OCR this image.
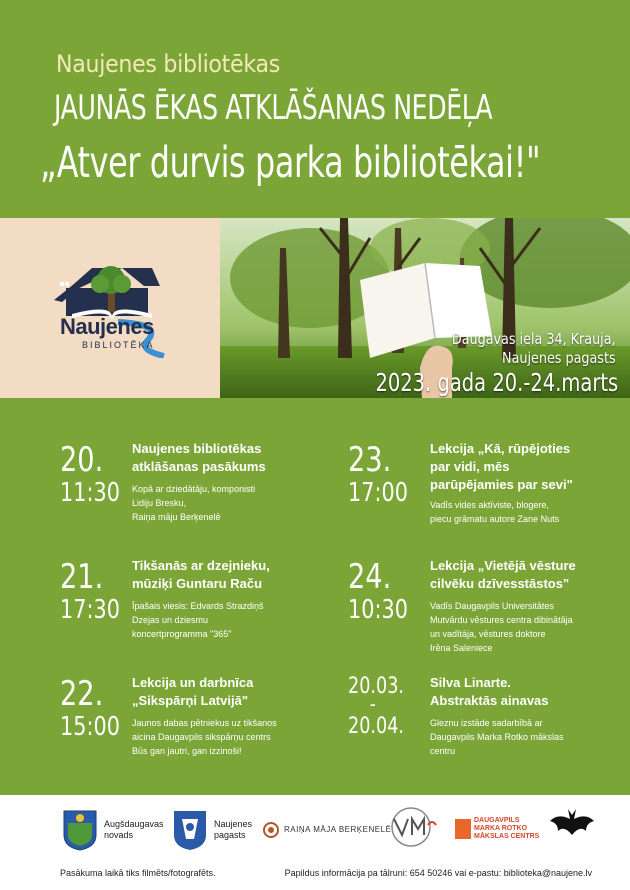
Naujenes bibliotēkas
JAUNĀS ĒKAS ATKLĀŠANAS NEDĒĻA
„Atver durvis parka bibliotēkai!"
Naujenes
BIBLIOTĒKA	Daugavas iela 34, Krauja,
Naujenes pagasts
2023. gada 20.-24.marts
20.
11:30
Naujenes bibliotēkas
atklāšanas pasākums
Kopā ar dziedātāju, komponisti
Lidiju Bresku,
Raiņa māju Berķenelē
23.
17:00
Lekcija „Kā, rūpējoties
par vidi, mēs
parūpējamies par sevi"
Vadīs vides aktīviste, blogere,
piecu grāmatu autore Zane Nuts
21.
17:30
Tikšanās ar dzejnieku,
mūziķi Guntaru Raču
Īpašais viesis: Edvards Strazdiņš
Dzejas un dziesmu
koncertprogramma "365"
24.
10:30
Lekcija „Vietējā vēsture
cilvēku dzīvesstāstos"
Vadīs Daugavpils Universitātes
Mutvārdu vēstures centra dibinātāja
un vadītāja, vēstures doktore
Irēna Saleniece
22.
15:00
Lekcija un darbnīca
„Sikspārņi Latvijā"
Jaunos dabas pētniekus uz tikšanos
aicina Daugavpils sikspārņu centrs
Būs gan jautri, gan izzinoši!
20.03.
-
20.04.
Silva Linarte.
Abstraktās ainavas
Gleznu izstāde sadarbībā ar
Daugavpils Marka Rotko mākslas
centru
Augšdaugavas
novads
Naujenes
pagasts
RAIŅA MĀJA BERĶENELĒ
DAUGAVPILS
MARKA ROTKO
MĀKSLAS CENTRS
Pasākuma laikā tiks filmēts/fotografēts.	Papildus informācija pa tālruni: 654 50246 vai e-pastu: biblioteka@naujene.lv
